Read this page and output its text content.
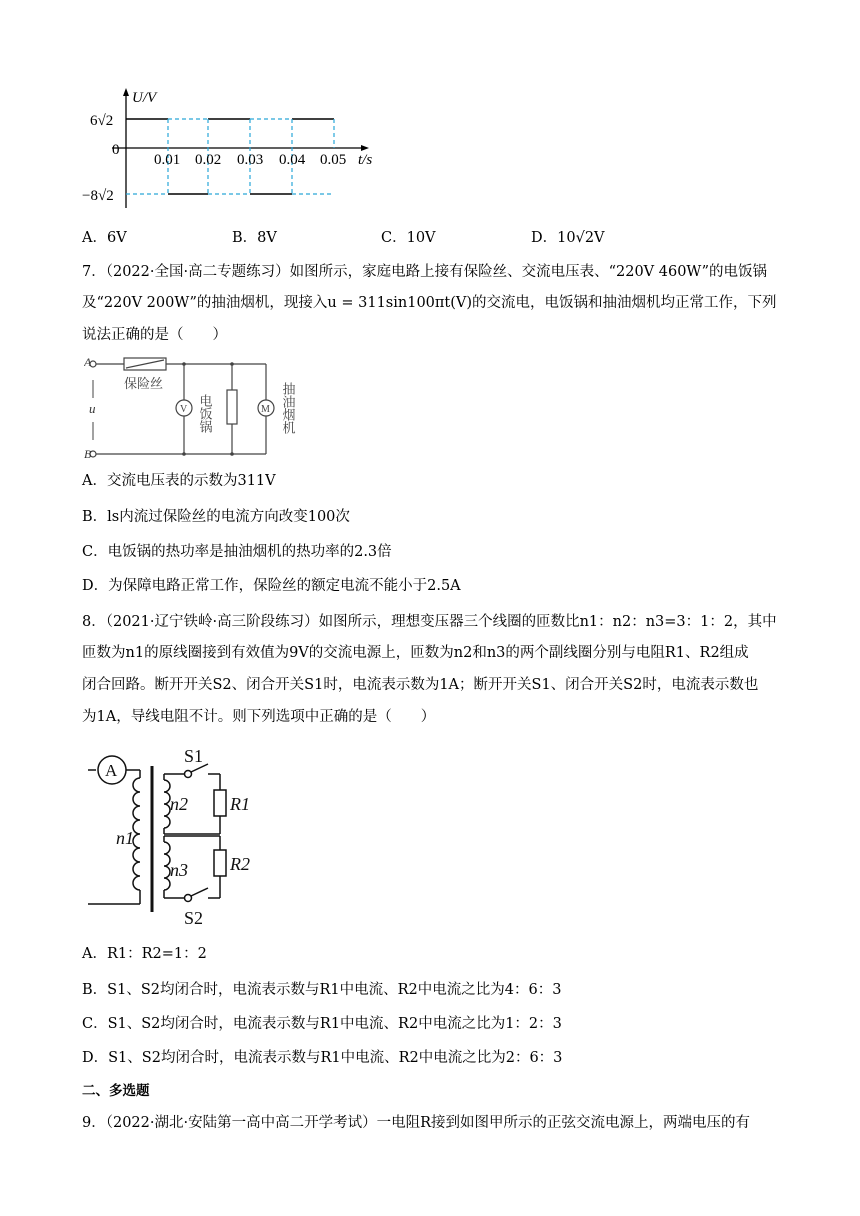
U/V
6√2
0
−8√2
0.01 0.02 0.03 0.04 0.05 t/s
A．6V	B．8V	C．10V	D．10√2V
7．（2022·全国·高二专题练习）如图所示，家庭电路上接有保险丝、交流电压表、“220V 460W”的电饭锅
及“220V 200W”的抽油烟机，现接入u = 311sin100πt(V)的交流电，电饭锅和抽油烟机均正常工作，下列
说法正确的是（　　）
A
B
u
保险丝
V 电饭锅	M 抽油烟机
A．交流电压表的示数为311V
B．ls内流过保险丝的电流方向改变100次
C．电饭锅的热功率是抽油烟机的热功率的2.3倍
D．为保障电路正常工作，保险丝的额定电流不能小于2.5A
8．（2021·辽宁铁岭·高三阶段练习）如图所示，理想变压器三个线圈的匝数比n1：n2：n3=3：1：2，其中
匝数为n1的原线圈接到有效值为9V的交流电源上，匝数为n2和n3的两个副线圈分别与电阻R1、R2组成
闭合回路。断开开关S2、闭合开关S1时，电流表示数为1A；断开开关S1、闭合开关S2时，电流表示数也
为1A，导线电阻不计。则下列选项中正确的是（　　）
A
S1
S2
n1
n2
n3
R1
R2
A．R1：R2=1：2
B．S1、S2均闭合时，电流表示数与R1中电流、R2中电流之比为4：6：3
C．S1、S2均闭合时，电流表示数与R1中电流、R2中电流之比为1：2：3
D．S1、S2均闭合时，电流表示数与R1中电流、R2中电流之比为2：6：3
二、多选题
9．（2022·湖北·安陆第一高中高二开学考试）一电阻R接到如图甲所示的正弦交流电源上，两端电压的有
